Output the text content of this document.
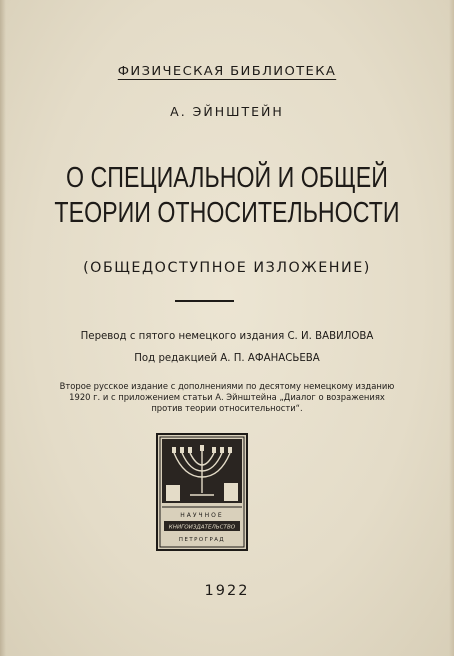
ФИЗИЧЕСКАЯ БИБЛИОТЕКА
А. ЭЙНШТЕЙН
О СПЕЦИАЛЬНОЙ И ОБЩЕЙ
ТЕОРИИ ОТНОСИТЕЛЬНОСТИ
(ОБЩЕДОСТУПНОЕ ИЗЛОЖЕНИЕ)
Перевод с пятого немецкого издания С. И. ВАВИЛОВА
Под редакцией А. П. АФАНАСЬЕВА
Второе русское издание с дополнениями по десятому немецкому изданию
1920 г. и с приложением статьи А. Эйнштейна „Диалог о возражениях
против теории относительности“.
НАУЧНОЕ
КНИГОИЗДАТЕЛЬСТВО
ПЕТРОГРАД
1922
